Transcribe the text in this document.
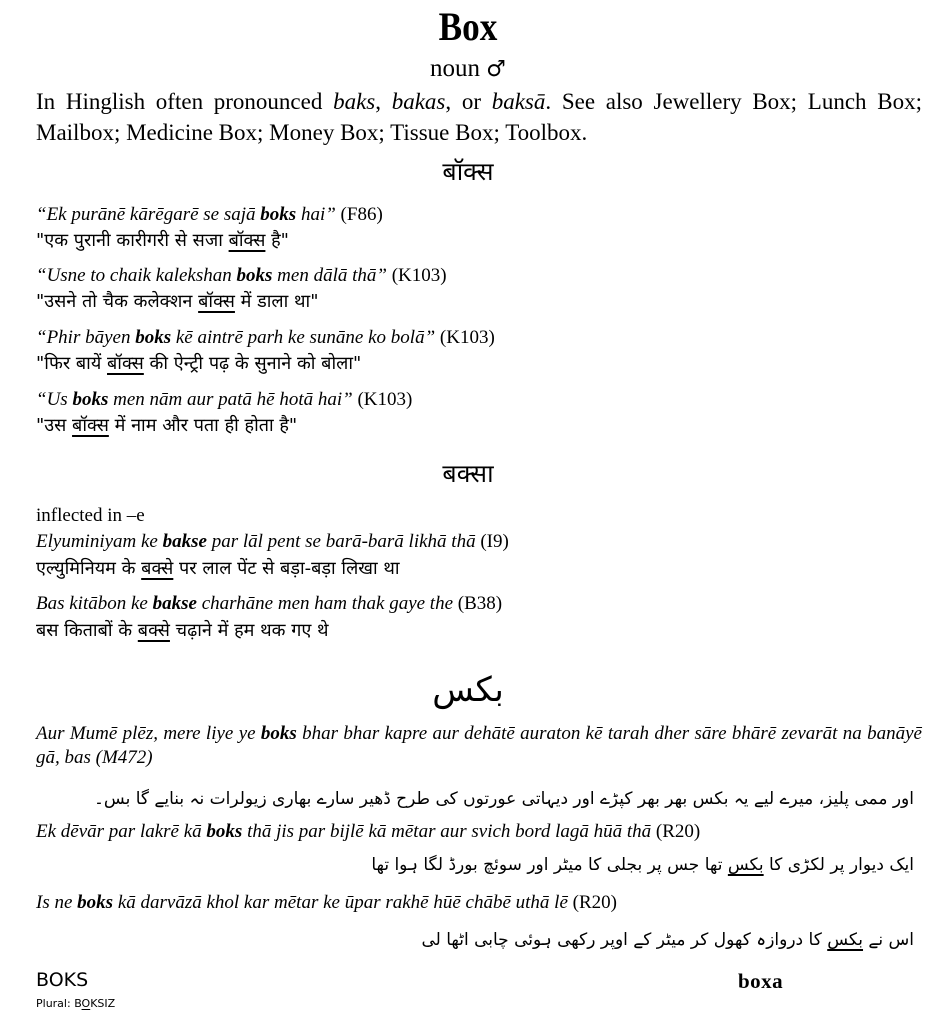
Box
noun ♂
In Hinglish often pronounced baks, bakas, or baksā. See also Jewellery Box; Lunch Box; Mailbox; Medicine Box; Money Box; Tissue Box; Toolbox.
बॉक्स
“Ek purānē kārēgarē se sajā boks hai” (F86)
"एक पुरानी कारीगरी से सजा बॉक्स है"
“Usne to chaik kalekshan boks men dālā thā” (K103)
"उसने तो चैक कलेक्शन बॉक्स में डाला था"
“Phir bāyen boks kē aintrē parh ke sunāne ko bolā” (K103)
"फिर बायें बॉक्स की ऐन्ट्री पढ़ के सुनाने को बोला"
“Us boks men nām aur patā hē hotā hai” (K103)
"उस बॉक्स में नाम और पता ही होता है"
बक्सा
inflected in –e
Elyuminiyam ke bakse par lāl pent se barā-barā likhā thā (I9)
एल्युमिनियम के बक्से पर लाल पेंट से बड़ा-बड़ा लिखा था
Bas kitābon ke bakse charhāne men ham thak gaye the (B38)
बस किताबों के बक्से चढ़ाने में हम थक गए थे
بکس
Aur Mumē plēz, mere liye ye boks bhar bhar kapre aur dehātē auraton kē tarah dher sāre bhārē zevarāt na banāyē gā, bas (M472)
اور ممی پلیز، میرے لیے یہ بکس بھر بھر کپڑے اور دیہاتی عورتوں کی طرح ڈھیر سارے بھاری زیولرات نہ بنایے گا بس۔
Ek dēvār par lakrē kā boks thā jis par bijlē kā mētar aur svich bord lagā hūā thā (R20)
ایک دیوار پر لکڑی کا بکس تھا جس پر بجلی کا میٹر اور سوئچ بورڈ لگا ہوا تھا
Is ne boks kā darvāzā khol kar mētar ke ūpar rakhē hūē chābē uthā lē (R20)
اس نے بکس کا دروازہ کھول کر میٹر کے اوپر رکھی ہوئی چابی اٹھا لی
BOKS
Plural: BOKSIZ
boxa
